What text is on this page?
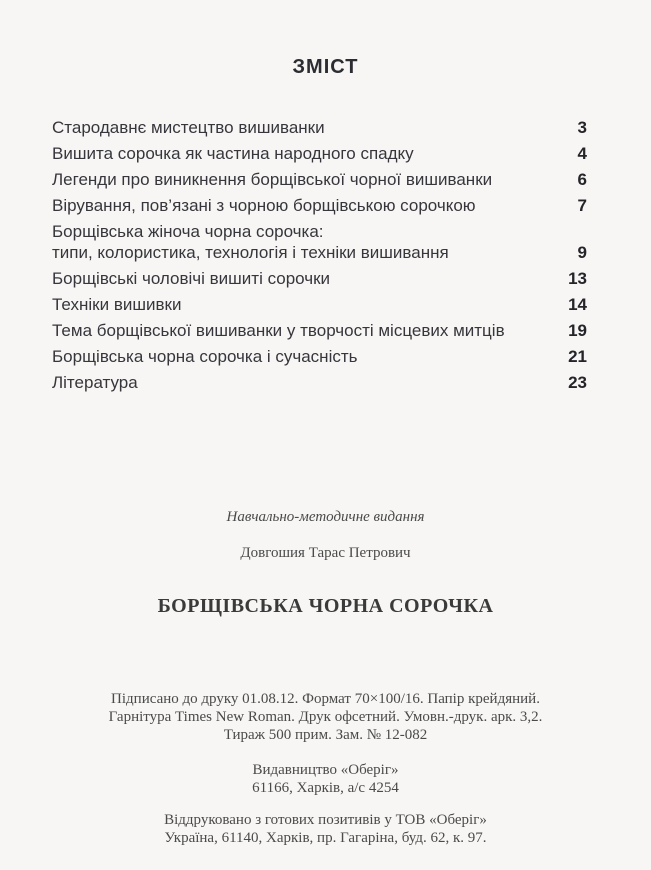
ЗМІСТ
Стародавнє мистецтво вишиванки	3
Вишита сорочка як частина народного спадку	4
Легенди про виникнення борщівської чорної вишиванки	6
Вірування, пов’язані з чорною борщівською сорочкою	7
Борщівська жіноча чорна сорочка:
типи, колористика, технологія і техніки вишивання	9
Борщівські чоловічі вишиті сорочки	13
Техніки вишивки	14
Тема борщівської вишиванки у творчості місцевих митців	19
Борщівська чорна сорочка і сучасність	21
Література	23

Навчально-методичне видання

Довгошия Тарас Петрович

БОРЩІВСЬКА ЧОРНА СОРОЧКА

Підписано до друку 01.08.12. Формат 70×100/16. Папір крейдяний.

Гарнітура Times New Roman. Друк офсетний. Умовн.-друк. арк. 3,2.

Тираж 500 прим. Зам. № 12-082

Видавництво «Оберіг»

61166, Харків, а/с 4254

Віддруковано з готових позитивів у ТОВ «Оберіг»

Україна, 61140, Харків, пр. Гагаріна, буд. 62, к. 97.
